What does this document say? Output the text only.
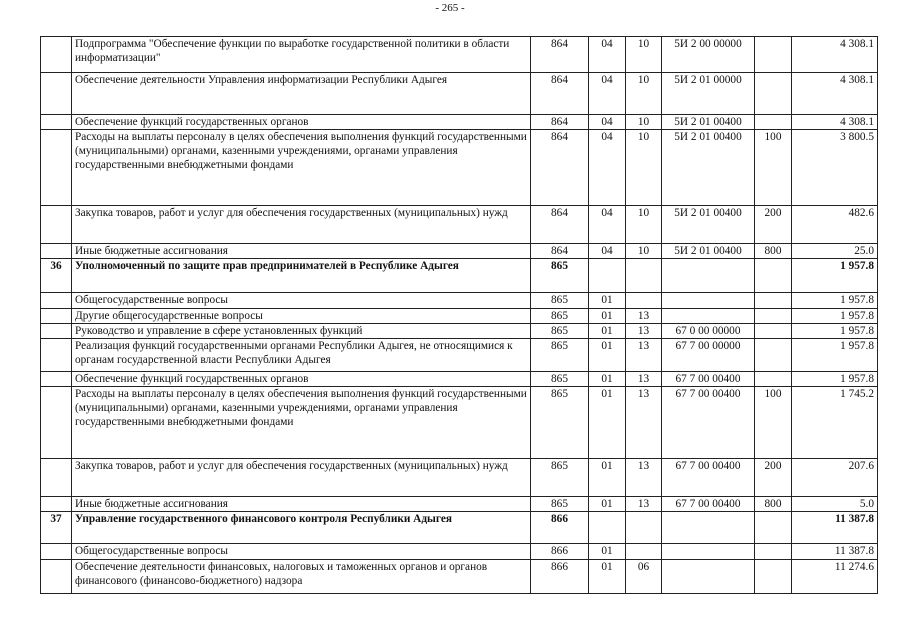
- 265 -
	Подпрограмма "Обеспечение функции по выработке государственной политики в области информатизации"	864	04	10	5И 2 00 00000		4 308.1
	Обеспечение деятельности Управления информатизации Республики Адыгея	864	04	10	5И 2 01 00000		4 308.1
	Обеспечение функций государственных органов	864	04	10	5И 2 01 00400		4 308.1
	Расходы на выплаты персоналу в целях обеспечения выполнения функций государственными (муниципальными) органами, казенными учреждениями, органами управления государственными внебюджетными фондами	864	04	10	5И 2 01 00400	100	3 800.5
	Закупка товаров, работ и услуг для обеспечения государственных (муниципальных) нужд	864	04	10	5И 2 01 00400	200	482.6
	Иные бюджетные ассигнования	864	04	10	5И 2 01 00400	800	25.0
36	Уполномоченный по защите прав предпринимателей в Республике Адыгея	865					1 957.8
	Общегосударственные вопросы	865	01				1 957.8
	Другие общегосударственные вопросы	865	01	13			1 957.8
	Руководство и управление в сфере установленных функций	865	01	13	67 0 00 00000		1 957.8
	Реализация функций государственными органами Республики Адыгея, не относящимися к органам государственной власти Республики Адыгея	865	01	13	67 7 00 00000		1 957.8
	Обеспечение функций государственных органов	865	01	13	67 7 00 00400		1 957.8
	Расходы на выплаты персоналу в целях обеспечения выполнения функций государственными (муниципальными) органами, казенными учреждениями, органами управления государственными внебюджетными фондами	865	01	13	67 7 00 00400	100	1 745.2
	Закупка товаров, работ и услуг для обеспечения государственных (муниципальных) нужд	865	01	13	67 7 00 00400	200	207.6
	Иные бюджетные ассигнования	865	01	13	67 7 00 00400	800	5.0
37	Управление государственного финансового контроля Республики Адыгея	866					11 387.8
	Общегосударственные вопросы	866	01				11 387.8
	Обеспечение деятельности финансовых, налоговых и таможенных органов и органов финансового (финансово-бюджетного) надзора	866	01	06			11 274.6
